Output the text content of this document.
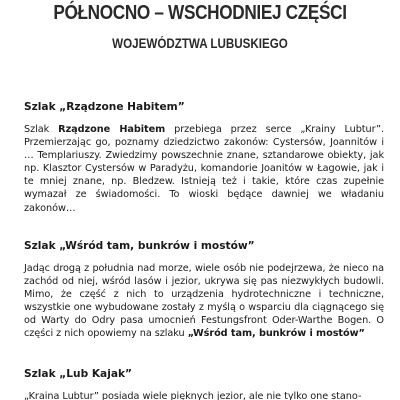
PÓŁNOCNO – WSCHODNIEJ CZĘŚCI
WOJEWÓDZTWA LUBUSKIEGO
Szlak „Rządzone Habitem”

Szlak Rządzone Habitem przebiega przez serce „Krainy Lubtur”. Przemierzając go, poznamy dziedzictwo zakonów: Cystersów, Joannitów i … Templariuszy. Zwiedzimy powszechnie znane, sztandarowe obiekty, jak np. Klasztor Cystersów w Paradyżu, komandorie Joanitów w Łagowie, jak i te mniej znane, np. Bledzew. Istnieją też i takie, które czas zupełnie wymazał ze świadomości. To wioski będące dawniej we władaniu zakonów…

Szlak „Wśród tam, bunkrów i mostów”

Jadąc drogą z południa nad morze, wiele osób nie podejrzewa, że nieco na zachód od niej, wśród lasów i jezior, ukrywa się pas niezwykłych budowli. Mimo, że część z nich to urządzenia hydrotechniczne i techniczne, wszystkie one wybudowane zostały z myślą o wsparciu dla ciągnącego się od Warty do Odry pasa umocnień Festungsfront Oder-Warthe Bogen. O części z nich opowiemy na szlaku „Wśród tam, bunkrów i mostów”

Szlak „Lub Kajak”

„Kraina Lubtur” posiada wiele pięknych jezior, ale nie tylko one stano-
